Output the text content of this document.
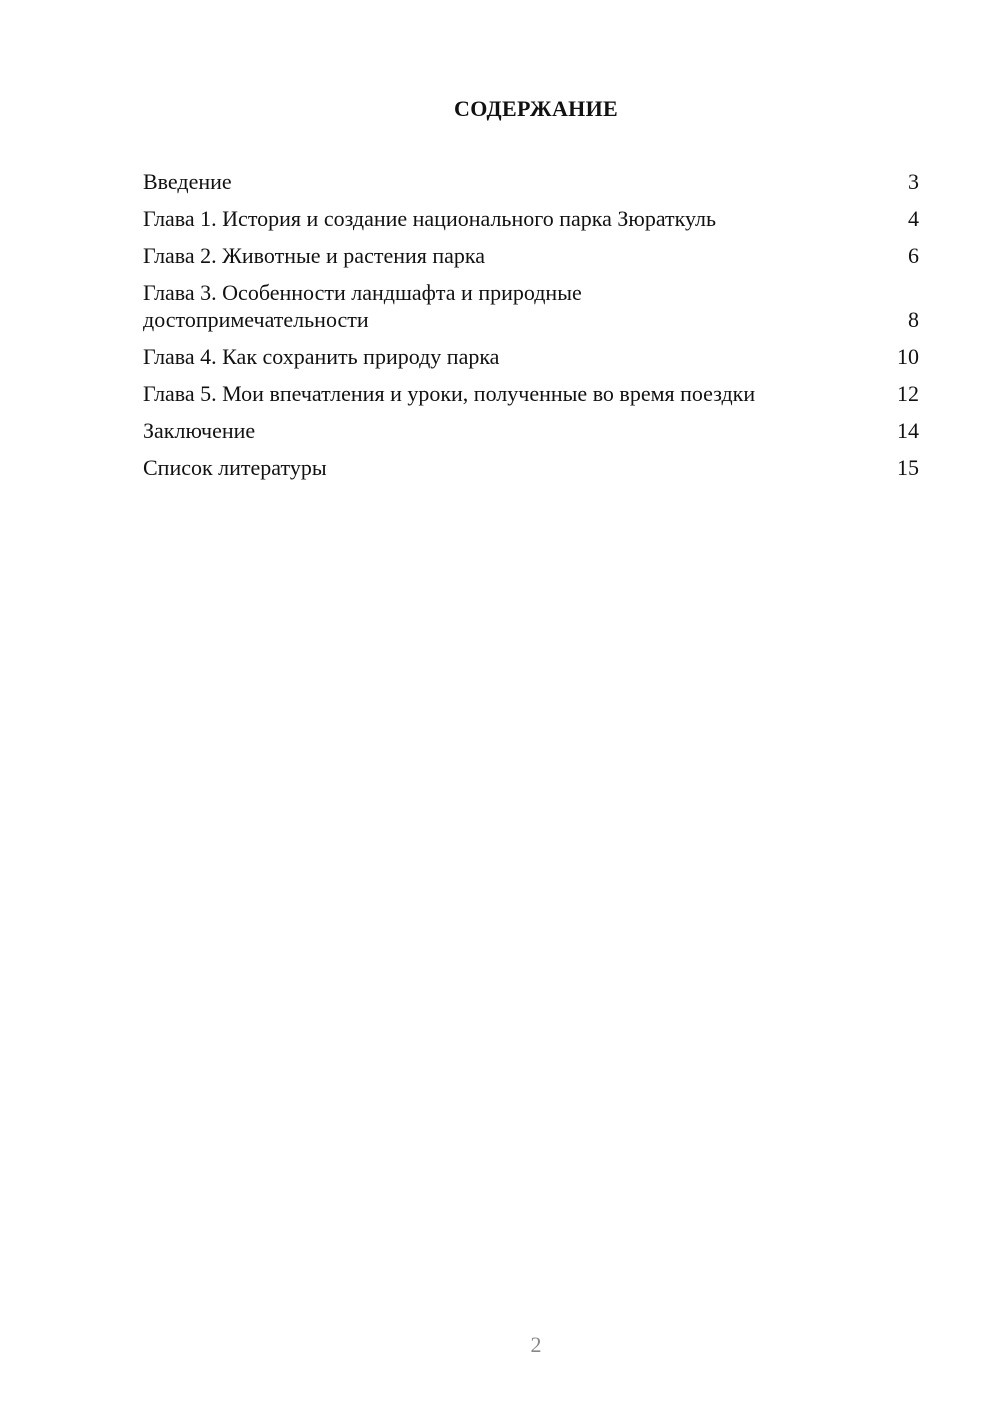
СОДЕРЖАНИЕ
Введение	3
Глава 1. История и создание национального парка Зюраткуль	4
Глава 2. Животные и растения парка	6
Глава 3. Особенности ландшафта и природные достопримечательности	8
Глава 4. Как сохранить природу парка	10
Глава 5. Мои впечатления и уроки, полученные во время поездки	12
Заключение	14
Список литературы	15
2
